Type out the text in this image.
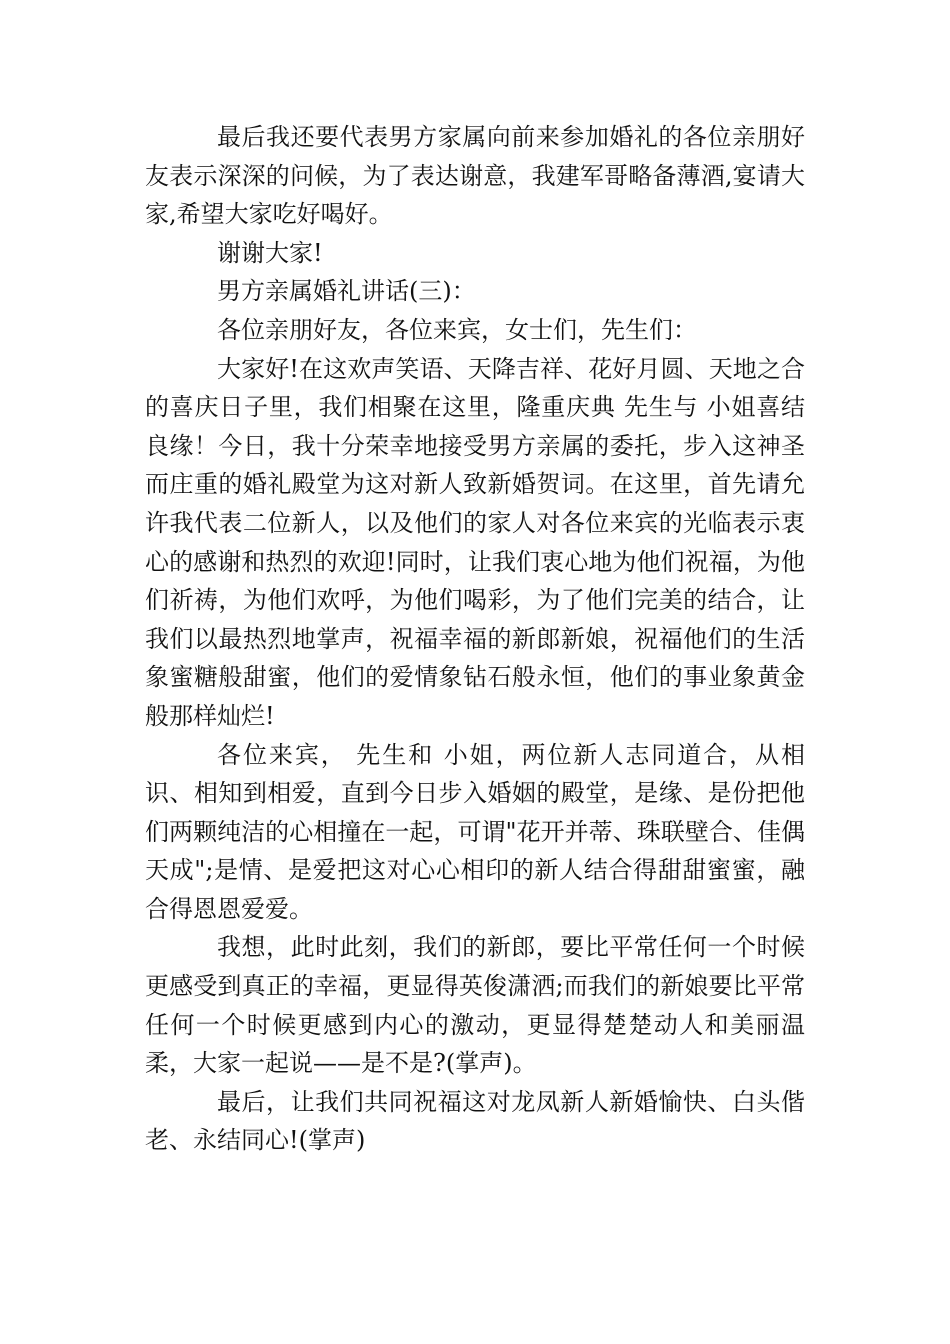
最后我还要代表男方家属向前来参加婚礼的各位亲朋好友表示深深的问候，为了表达谢意，我建军哥略备薄酒,宴请大家,希望大家吃好喝好。

谢谢大家!

男方亲属婚礼讲话(三)：

各位亲朋好友，各位来宾，女士们，先生们：

大家好!在这欢声笑语、天降吉祥、花好月圆、天地之合的喜庆日子里，我们相聚在这里，隆重庆典 先生与 小姐喜结良缘！今日，我十分荣幸地接受男方亲属的委托，步入这神圣而庄重的婚礼殿堂为这对新人致新婚贺词。在这里，首先请允许我代表二位新人，以及他们的家人对各位来宾的光临表示衷心的感谢和热烈的欢迎!同时，让我们衷心地为他们祝福，为他们祈祷，为他们欢呼，为他们喝彩，为了他们完美的结合，让我们以最热烈地掌声，祝福幸福的新郎新娘，祝福他们的生活象蜜糖般甜蜜，他们的爱情象钻石般永恒，他们的事业象黄金般那样灿烂!

各位来宾， 先生和 小姐，两位新人志同道合，从相识、相知到相爱，直到今日步入婚姻的殿堂，是缘、是份把他们两颗纯洁的心相撞在一起，可谓"花开并蒂、珠联壁合、佳偶天成";是情、是爱把这对心心相印的新人结合得甜甜蜜蜜，融合得恩恩爱爱。

我想，此时此刻，我们的新郎，要比平常任何一个时候更感受到真正的幸福，更显得英俊潇洒;而我们的新娘要比平常任何一个时候更感到内心的激动，更显得楚楚动人和美丽温柔，大家一起说——是不是?(掌声)。

最后，让我们共同祝福这对龙凤新人新婚愉快、白头偕老、永结同心!(掌声)
